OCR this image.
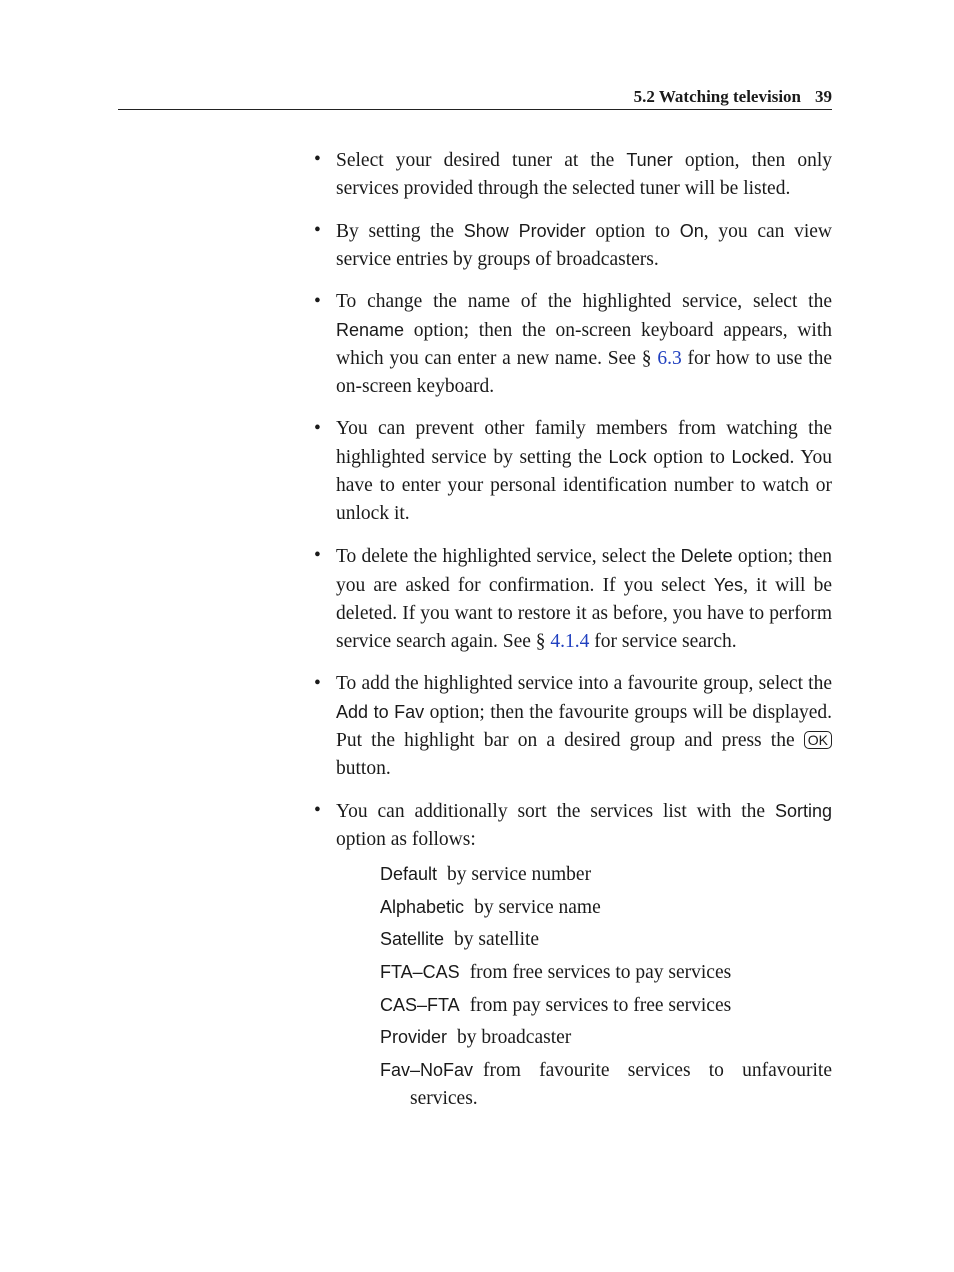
5.2 Watching television 39
• Select your desired tuner at the Tuner option, then only services provided through the selected tuner will be listed.
• By setting the Show Provider option to On, you can view service entries by groups of broadcasters.
• To change the name of the highlighted service, select the Rename option; then the on-screen keyboard appears, with which you can enter a new name. See § 6.3 for how to use the on-screen keyboard.
• You can prevent other family members from watching the highlighted service by setting the Lock option to Locked. You have to enter your personal identification number to watch or unlock it.
• To delete the highlighted service, select the Delete option; then you are asked for confirmation. If you select Yes, it will be deleted. If you want to restore it as before, you have to perform service search again. See § 4.1.4 for service search.
• To add the highlighted service into a favourite group, select the Add to Fav option; then the favourite groups will be displayed. Put the highlight bar on a desired group and press the OK button.
• You can additionally sort the services list with the Sorting option as follows:
Default by service number
Alphabetic by service name
Satellite by satellite
FTA–CAS from free services to pay services
CAS–FTA from pay services to free services
Provider by broadcaster
Fav–NoFav from favourite services to unfavourite services.
